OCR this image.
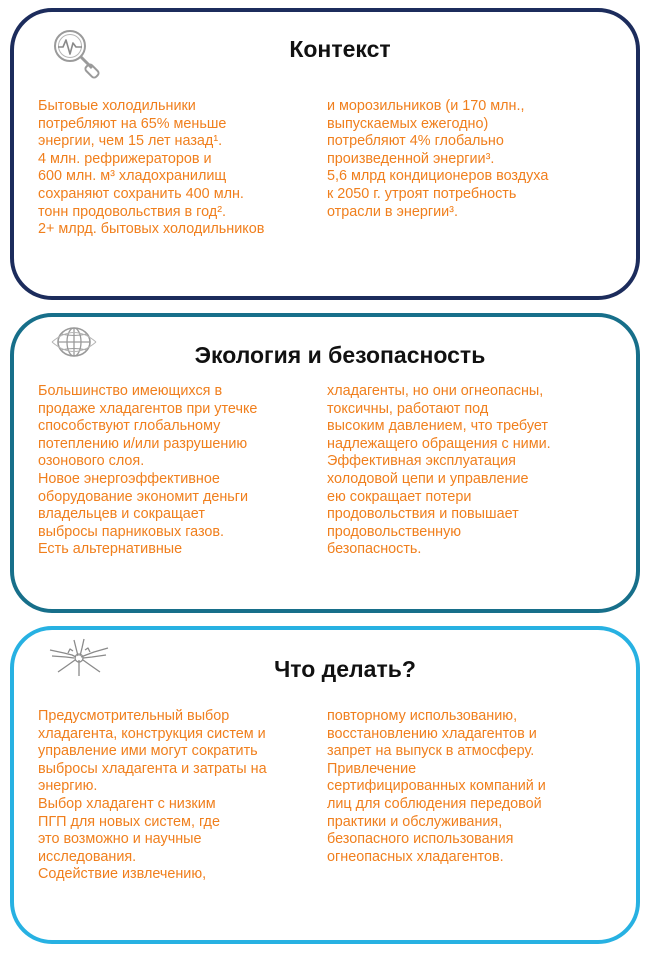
Контекст

Бытовые холодильники
потребляют на 65% меньше
энергии, чем 15 лет назад¹.
4 млн. рефрижераторов и
600 млн. м³ хладохранилищ
сохраняют сохранить 400 млн.
тонн продовольствия в год².
2+ млрд. бытовых холодильников

и морозильников (и 170 млн.,
выпускаемых ежегодно)
потребляют 4% глобально
произведенной энергии³.
5,6 млрд кондиционеров воздуха
к 2050 г. утроят потребность
отрасли в энергии³.

Экология и безопасность

Большинство имеющихся в
продаже хладагентов при утечке
способствуют глобальному
потеплению и/или разрушению
озонового слоя.
Новое энергоэффективное
оборудование экономит деньги
владельцев и сокращает
выбросы парниковых газов.
Есть альтернативные

хладагенты, но они огнеопасны,
токсичны, работают под
высоким давлением, что требует
надлежащего обращения с ними.
Эффективная эксплуатация
холодовой цепи и управление
ею сокращает потери
продовольствия и повышает
продовольственную
безопасность.

Что делать?

Предусмотрительный выбор
хладагента, конструкция систем и
управление ими могут сократить
выбросы хладагента и затраты на
энергию.
Выбор хладагент с низким
ПГП для новых систем, где
это возможно и научные
исследования.
Содействие извлечению,

повторному использованию,
восстановлению хладагентов и
запрет на выпуск в атмосферу.
Привлечение
сертифицированных компаний и
лиц для соблюдения передовой
практики и обслуживания,
безопасного использования
огнеопасных хладагентов.
